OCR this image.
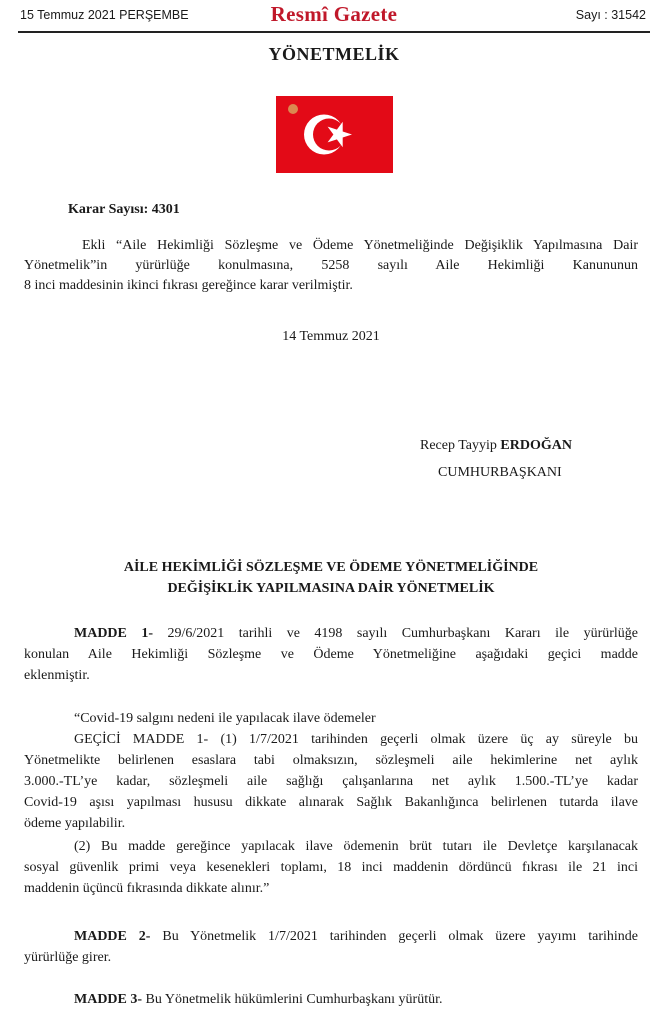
15 Temmuz 2021 PERŞEMBE	Resmî Gazete	Sayı : 31542
YÖNETMELİK
Karar Sayısı: 4301
Ekli “Aile Hekimliği Sözleşme ve Ödeme Yönetmeliğinde Değişiklik Yapılmasına Dair
Yönetmelik”in yürürlüğe konulmasına, 5258 sayılı Aile Hekimliği Kanununun
8 inci maddesinin ikinci fıkrası gereğince karar verilmiştir.
14 Temmuz 2021
Recep Tayyip ERDOĞAN
CUMHURBAŞKANI
AİLE HEKİMLİĞİ SÖZLEŞME VE ÖDEME YÖNETMELİĞİNDE
DEĞİŞİKLİK YAPILMASINA DAİR YÖNETMELİK
MADDE 1- 29/6/2021 tarihli ve 4198 sayılı Cumhurbaşkanı Kararı ile yürürlüğe
konulan Aile Hekimliği Sözleşme ve Ödeme Yönetmeliğine aşağıdaki geçici madde
eklenmiştir.
“Covid-19 salgını nedeni ile yapılacak ilave ödemeler
GEÇİCİ MADDE 1- (1) 1/7/2021 tarihinden geçerli olmak üzere üç ay süreyle bu
Yönetmelikte belirlenen esaslara tabi olmaksızın, sözleşmeli aile hekimlerine net aylık
3.000.-TL’ye kadar, sözleşmeli aile sağlığı çalışanlarına net aylık 1.500.-TL’ye kadar
Covid-19 aşısı yapılması hususu dikkate alınarak Sağlık Bakanlığınca belirlenen tutarda ilave
ödeme yapılabilir.
(2) Bu madde gereğince yapılacak ilave ödemenin brüt tutarı ile Devletçe karşılanacak
sosyal güvenlik primi veya kesenekleri toplamı, 18 inci maddenin dördüncü fıkrası ile 21 inci
maddenin üçüncü fıkrasında dikkate alınır.”
MADDE 2- Bu Yönetmelik 1/7/2021 tarihinden geçerli olmak üzere yayımı tarihinde
yürürlüğe girer.
MADDE 3- Bu Yönetmelik hükümlerini Cumhurbaşkanı yürütür.
